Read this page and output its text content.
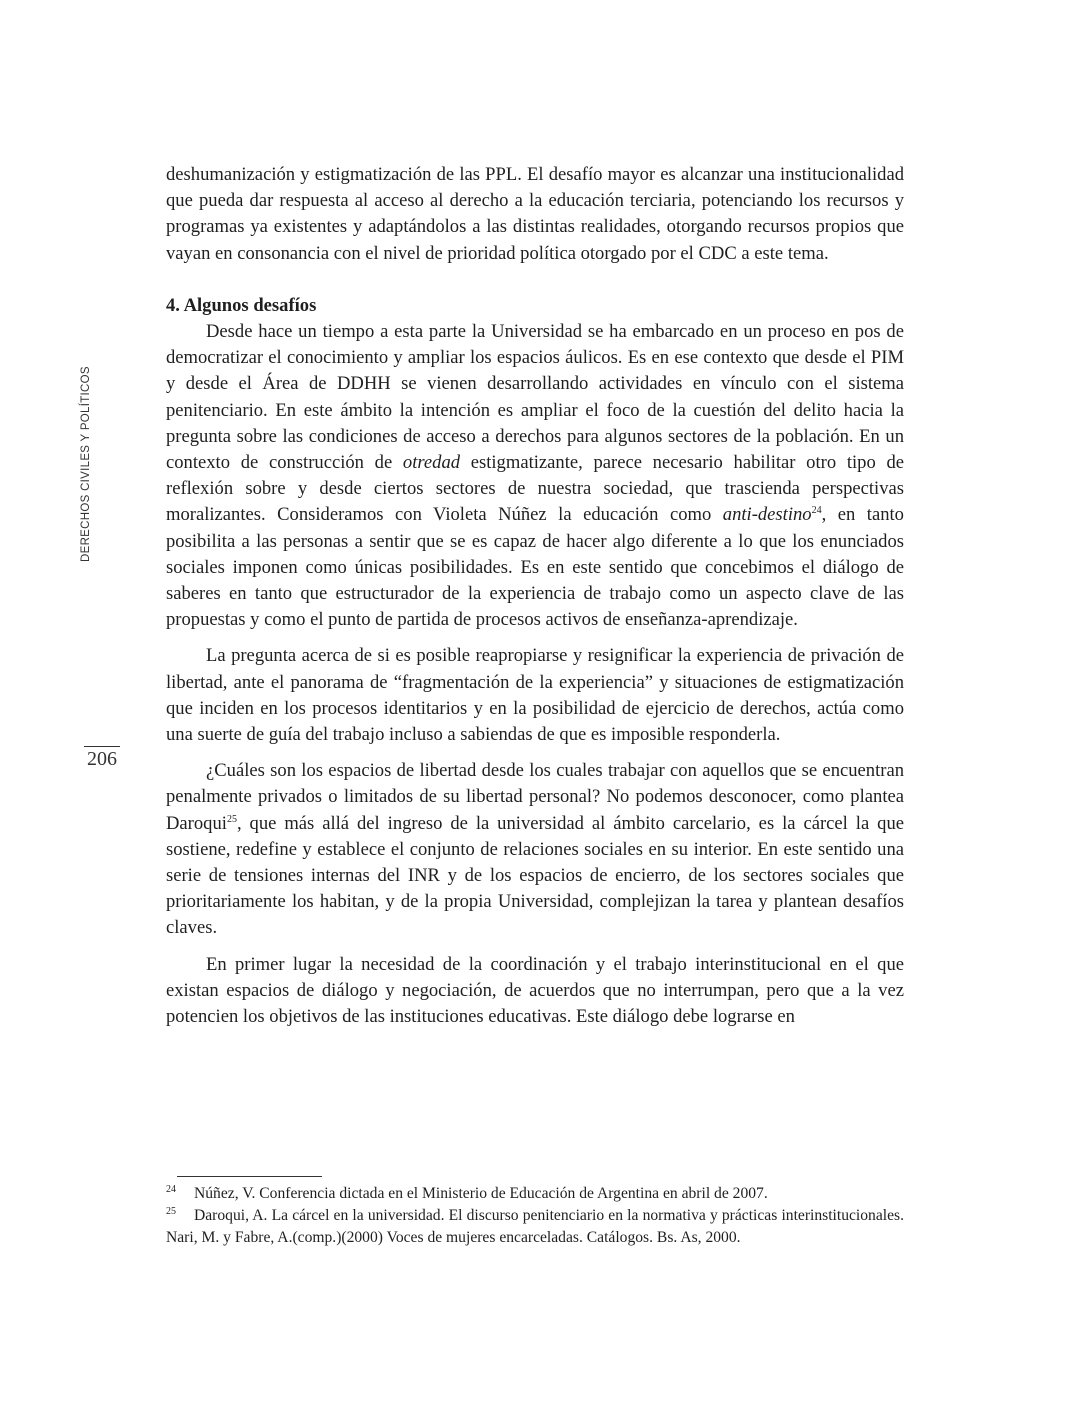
DERECHOS CIVILES Y POLÍTICOS
206

deshumanización y estigmatización de las PPL. El desafío mayor es alcanzar una institucionalidad que pueda dar respuesta al acceso al derecho a la educación terciaria, potenciando los recursos y programas ya existentes y adaptándolos a las distintas realidades, otorgando recursos propios que vayan en consonancia con el nivel de prioridad política otorgado por el CDC a este tema.

4. Algunos desafíos

Desde hace un tiempo a esta parte la Universidad se ha embarcado en un proceso en pos de democratizar el conocimiento y ampliar los espacios áulicos. Es en ese contexto que desde el PIM y desde el Área de DDHH se vienen desarrollando actividades en vínculo con el sistema penitenciario. En este ámbito la intención es ampliar el foco de la cuestión del delito hacia la pregunta sobre las condiciones de acceso a derechos para algunos sectores de la población. En un contexto de construcción de otredad estigmatizante, parece necesario habilitar otro tipo de reflexión sobre y desde ciertos sectores de nuestra sociedad, que trascienda perspectivas moralizantes. Consideramos con Violeta Núñez la educación como anti-destino$^{24}$, en tanto posibilita a las personas a sentir que se es capaz de hacer algo diferente a lo que los enunciados sociales imponen como únicas posibilidades. Es en este sentido que concebimos el diálogo de saberes en tanto que estructurador de la experiencia de trabajo como un aspecto clave de las propuestas y como el punto de partida de procesos activos de enseñanza-aprendizaje.

La pregunta acerca de si es posible reapropiarse y resignificar la experiencia de privación de libertad, ante el panorama de “fragmentación de la experiencia” y situaciones de estigmatización que inciden en los procesos identitarios y en la posibilidad de ejercicio de derechos, actúa como una suerte de guía del trabajo incluso a sabiendas de que es imposible responderla.

¿Cuáles son los espacios de libertad desde los cuales trabajar con aquellos que se encuentran penalmente privados o limitados de su libertad personal? No podemos desconocer, como plantea Daroqui$^{25}$, que más allá del ingreso de la universidad al ámbito carcelario, es la cárcel la que sostiene, redefine y establece el conjunto de relaciones sociales en su interior. En este sentido una serie de tensiones internas del INR y de los espacios de encierro, de los sectores sociales que prioritariamente los habitan, y de la propia Universidad, complejizan la tarea y plantean desafíos claves.

En primer lugar la necesidad de la coordinación y el trabajo interinstitucional en el que existan espacios de diálogo y negociación, de acuerdos que no interrumpan, pero que a la vez potencien los objetivos de las instituciones educativas. Este diálogo debe lograrse en

24 Núñez, V. Conferencia dictada en el Ministerio de Educación de Argentina en abril de 2007.

25 Daroqui, A. La cárcel en la universidad. El discurso penitenciario en la normativa y prácticas interinstitucionales. Nari, M. y Fabre, A.(comp.)(2000) Voces de mujeres encarceladas. Catálogos. Bs. As, 2000.
